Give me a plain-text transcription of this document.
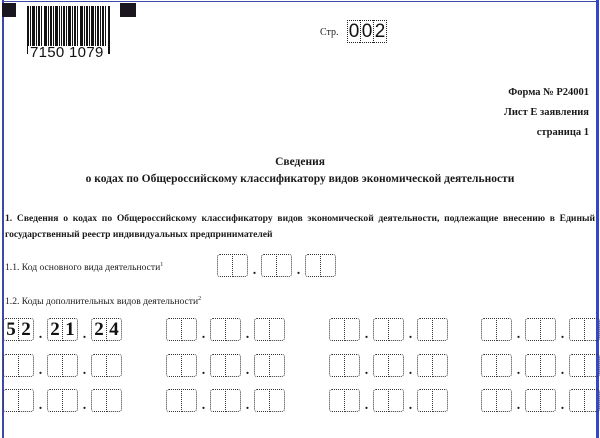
7150 1079
Стр. 0 0 2
Форма № Р24001
Лист Е заявления
страница 1
Сведения
о кодах по Общероссийскому классификатору видов экономической деятельности
1. Сведения о кодах по Общероссийскому классификатору видов экономической деятельности, подлежащие внесению в Единый государственный реестр индивидуальных предпринимателей
1.1. Код основного вида деятельности$^1$	.	.
1.2. Коды дополнительных видов деятельности$^2$
5 2 . 2 1 . 2 4	.	.	.	.	.	.
.	.	.	.	.	.	.	.
.	.	.	.	.	.	.	.
